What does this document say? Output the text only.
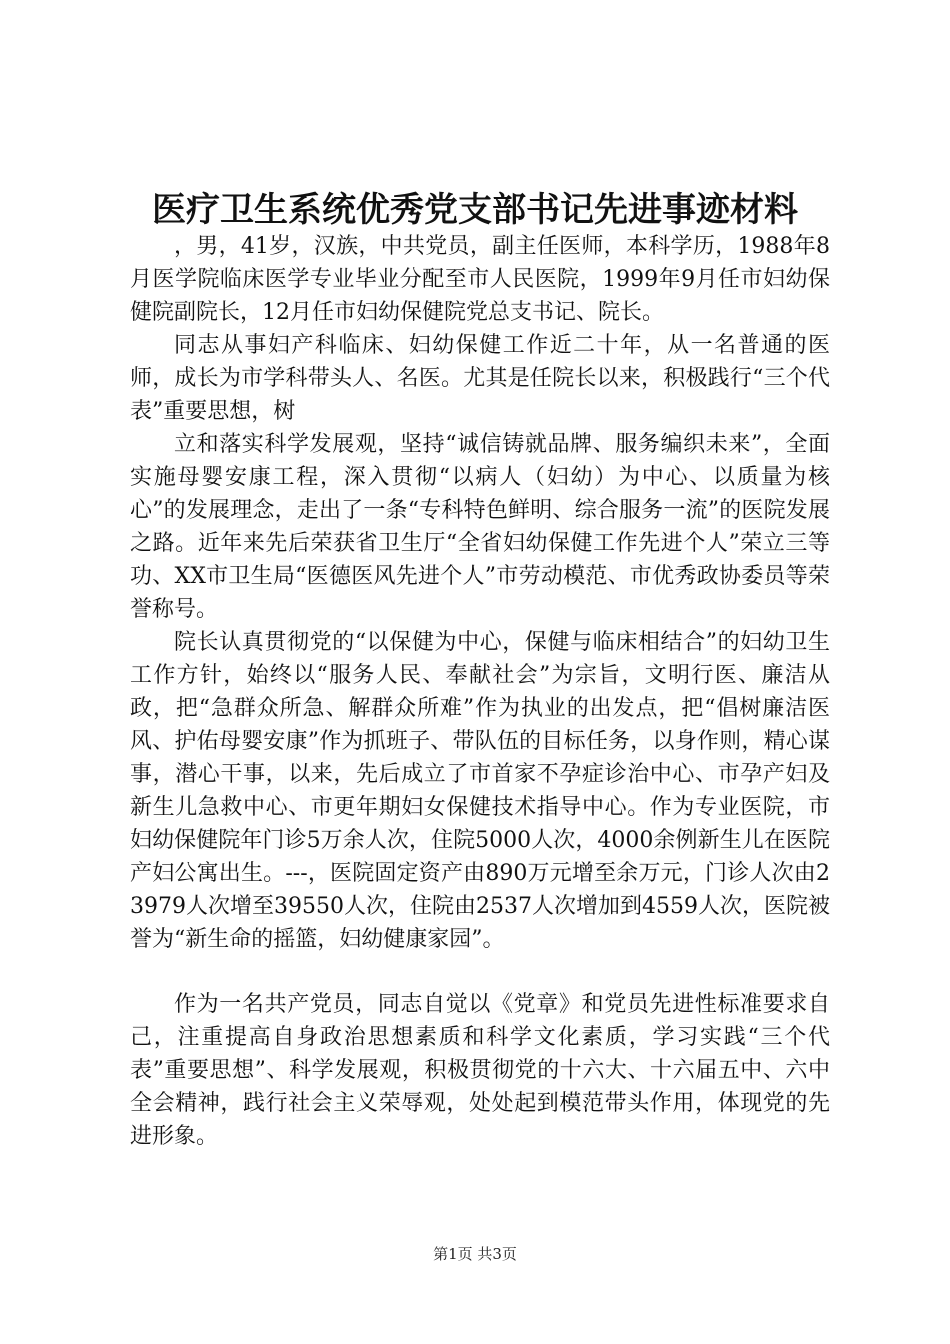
医疗卫生系统优秀党支部书记先进事迹材料

，男，41岁，汉族，中共党员，副主任医师，本科学历，1988年8月医学院临床医学专业毕业分配至市人民医院，1999年9月任市妇幼保健院副院长，12月任市妇幼保健院党总支书记、院长。

同志从事妇产科临床、妇幼保健工作近二十年，从一名普通的医师，成长为市学科带头人、名医。尤其是任院长以来，积极践行“三个代表”重要思想，树

立和落实科学发展观，坚持“诚信铸就品牌、服务编织未来”，全面实施母婴安康工程，深入贯彻“以病人（妇幼）为中心、以质量为核心”的发展理念，走出了一条“专科特色鲜明、综合服务一流”的医院发展之路。近年来先后荣获省卫生厅“全省妇幼保健工作先进个人”荣立三等功、XX市卫生局“医德医风先进个人”市劳动模范、市优秀政协委员等荣誉称号。

院长认真贯彻党的“以保健为中心，保健与临床相结合”的妇幼卫生工作方针，始终以“服务人民、奉献社会”为宗旨，文明行医、廉洁从政，把“急群众所急、解群众所难”作为执业的出发点，把“倡树廉洁医风、护佑母婴安康”作为抓班子、带队伍的目标任务，以身作则，精心谋事，潜心干事，以来，先后成立了市首家不孕症诊治中心、市孕产妇及新生儿急救中心、市更年期妇女保健技术指导中心。作为专业医院，市妇幼保健院年门诊5万余人次，住院5000人次，4000余例新生儿在医院产妇公寓出生。---，医院固定资产由890万元增至余万元，门诊人次由23979人次增至39550人次，住院由2537人次增加到4559人次，医院被誉为“新生命的摇篮，妇幼健康家园”。

作为一名共产党员，同志自觉以《党章》和党员先进性标准要求自己，注重提高自身政治思想素质和科学文化素质，学习实践“三个代表”重要思想”、科学发展观，积极贯彻党的十六大、十六届五中、六中全会精神，践行社会主义荣辱观，处处起到模范带头作用，体现党的先进形象。

第1页 共3页
